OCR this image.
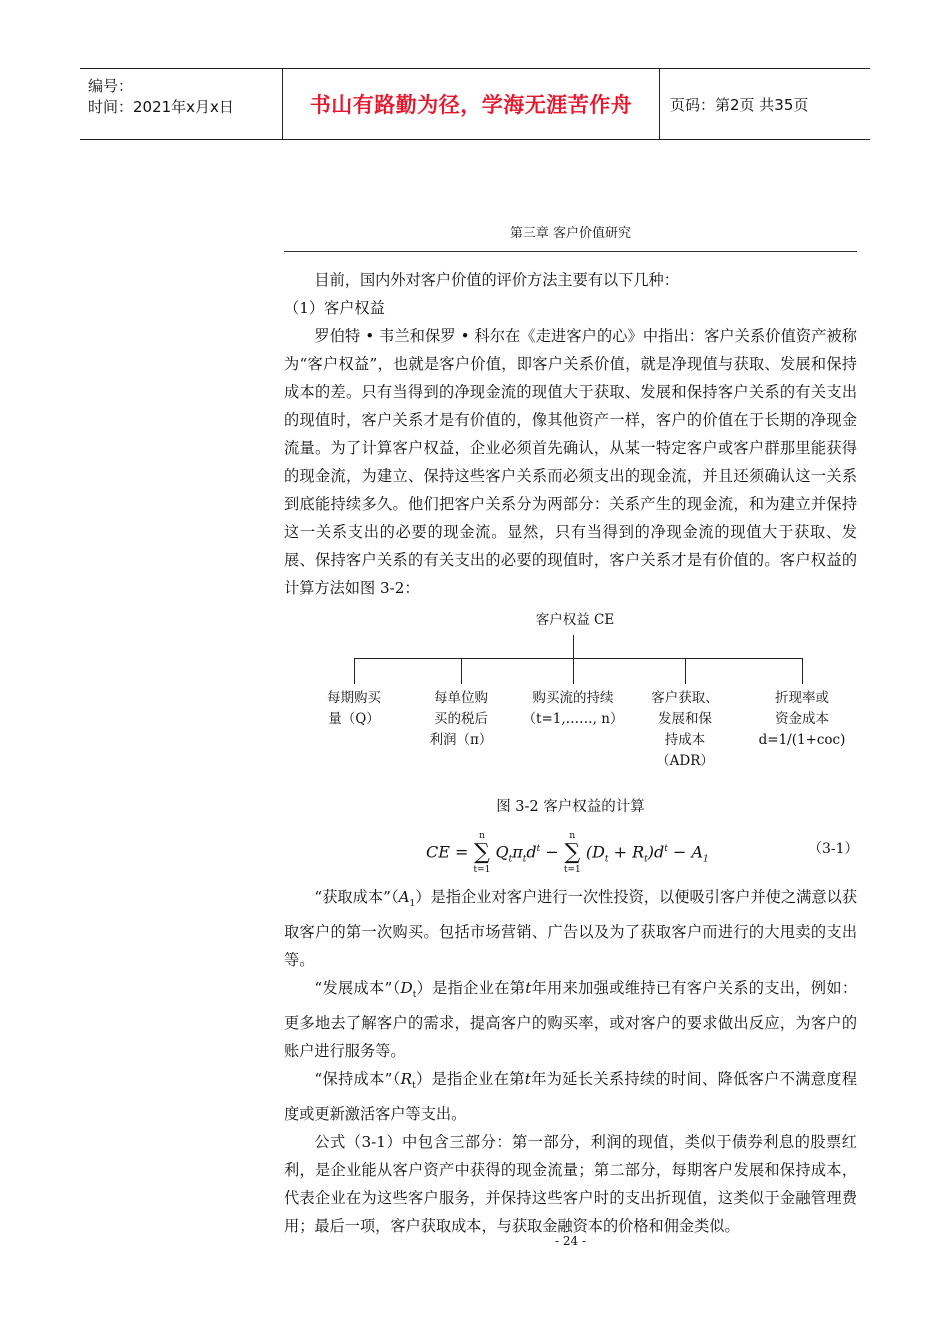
编号：
时间：2021年x月x日	书山有路勤为径，学海无涯苦作舟	页码：第2页 共35页
第三章 客户价值研究

目前，国内外对客户价值的评价方法主要有以下几种：

（1）客户权益

罗伯特 • 韦兰和保罗 • 科尔在《走进客户的心》中指出：客户关系价值资产被称为“客户权益”，也就是客户价值，即客户关系价值，就是净现值与获取、发展和保持成本的差。只有当得到的净现金流的现值大于获取、发展和保持客户关系的有关支出的现值时，客户关系才是有价值的，像其他资产一样，客户的价值在于长期的净现金流量。为了计算客户权益，企业必须首先确认，从某一特定客户或客户群那里能获得的现金流，为建立、保持这些客户关系而必须支出的现金流，并且还须确认这一关系到底能持续多久。他们把客户关系分为两部分：关系产生的现金流，和为建立并保持这一关系支出的必要的现金流。显然，只有当得到的净现金流的现值大于获取、发展、保持客户关系的有关支出的必要的现值时，客户关系才是有价值的。客户权益的计算方法如图 3-2：

客户权益 CE
每期购买
量（Q）
每单位购
买的税后
利润（π）
购买流的持续
（t=1,……, n）
客户获取、
发展和保
持成本
（ADR）
折现率或
资金成本
d=1/(1+coc)
图 3-2 客户权益的计算
CE =
n
∑
t=1
$Q_t\pi_td^t$ −
n
∑
t=1
$(D_t + R_t)d^t - A_1$
（3-1）

“获取成本$”(A_1)$是指企业对客户进行一次性投资，以便吸引客户并使之满意以获取客户的第一次购买。包括市场营销、广告以及为了获取客户而进行的大甩卖的支出等。

“发展成本$”(D_t)$是指企业在第t年用来加强或维持已有客户关系的支出，例如：更多地去了解客户的需求，提高客户的购买率，或对客户的要求做出反应，为客户的账户进行服务等。

“保持成本$”(R_t)$是指企业在第t年为延长关系持续的时间、降低客户不满意度程度或更新激活客户等支出。

公式（3-1）中包含三部分：第一部分，利润的现值，类似于债券利息的股票红利，是企业能从客户资产中获得的现金流量；第二部分，每期客户发展和保持成本，代表企业在为这些客户服务，并保持这些客户时的支出折现值，这类似于金融管理费用；最后一项，客户获取成本，与获取金融资本的价格和佣金类似。

- 24 -
